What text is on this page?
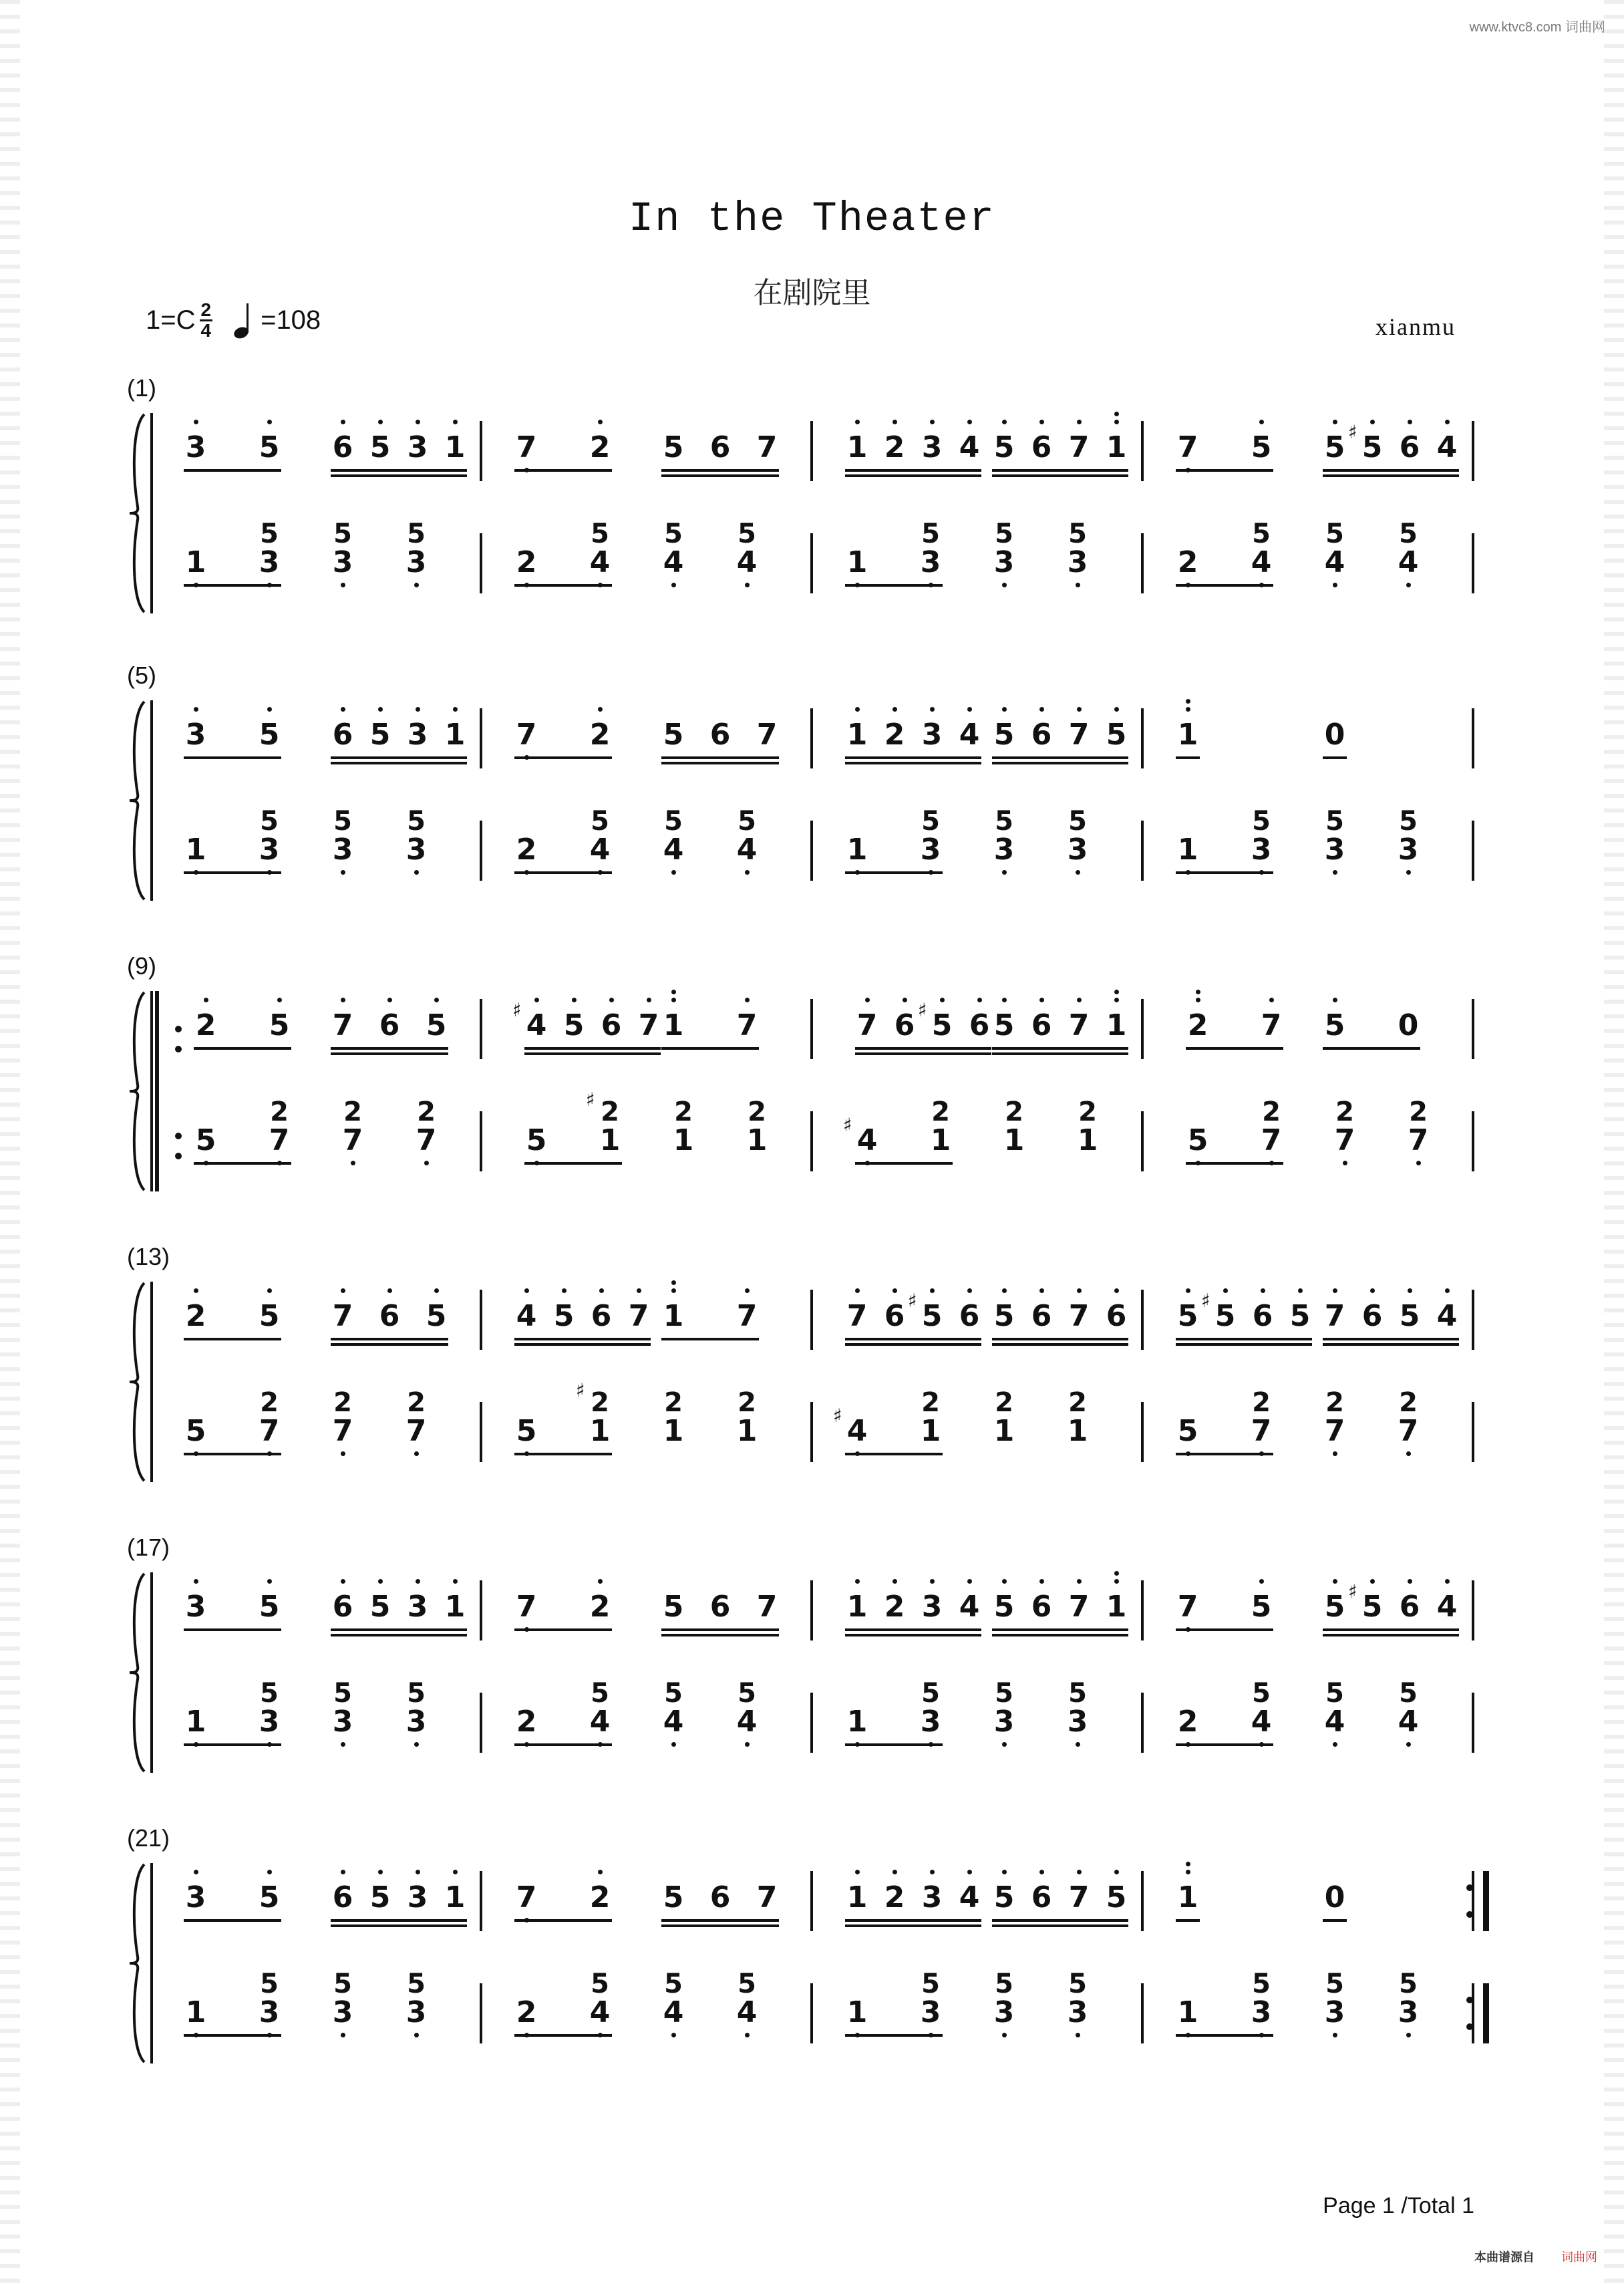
www.ktvc8.com 词曲网
In the Theater
在剧院里
$1=C \frac{2}{4} =108$	xianmu
(1)
3 5 6 5 3 1 7 2 5 6 7 1 2 3 4 5 6 7 1 7 5 5 5
♯ 6 4
1 3
5
3
5
3
5
2 4
5
4
5
4
5
1 3
5
3
5
3
5
2 4
5
4
5
4
5
(5)
3 5 6 5 3 1 7 2 5 6 7 1 2 3 4 5 6 7 5 1	0
1 3
5
3
5
3
5
2 4
5
4
5
4
5
1 3
5
3
5
3
5
1 3
5
3
5
3
5
(9)
2 5 7 6 5	4
♯ 5 6 7 1 7	7 6 5
♯ 6 5 6 7 1 2 7 5 0
5 7
2
7
2
7
2
5 1
♯ 2
1
2
1
2
4
♯	1
2
1
2
1
2
5 7
2
7
2
7
2
(13)
2 5 7 6 5 4 5 6 7 1 7	7 6 5
♯ 6 5 6 7 6 5 5
♯ 6 5 7 6 5 4
5 7
2
7
2
7
2
5 1
♯ 2
1
2
1
2
4
♯	1
2
1
2
1
2
5 7
2
7
2
7
2
(17)
3 5 6 5 3 1 7 2 5 6 7 1 2 3 4 5 6 7 1 7 5 5 5
♯ 6 4
1 3
5
3
5
3
5
2 4
5
4
5
4
5
1 3
5
3
5
3
5
2 4
5
4
5
4
5
(21)
3 5 6 5 3 1 7 2 5 6 7 1 2 3 4 5 6 7 5 1	0
1 3
5
3
5
3
5
2 4
5
4
5
4
5
1 3
5
3
5
3
5
1 3
5
3
5
3
5
Page 1 /Total 1
本曲谱源自 词曲网
